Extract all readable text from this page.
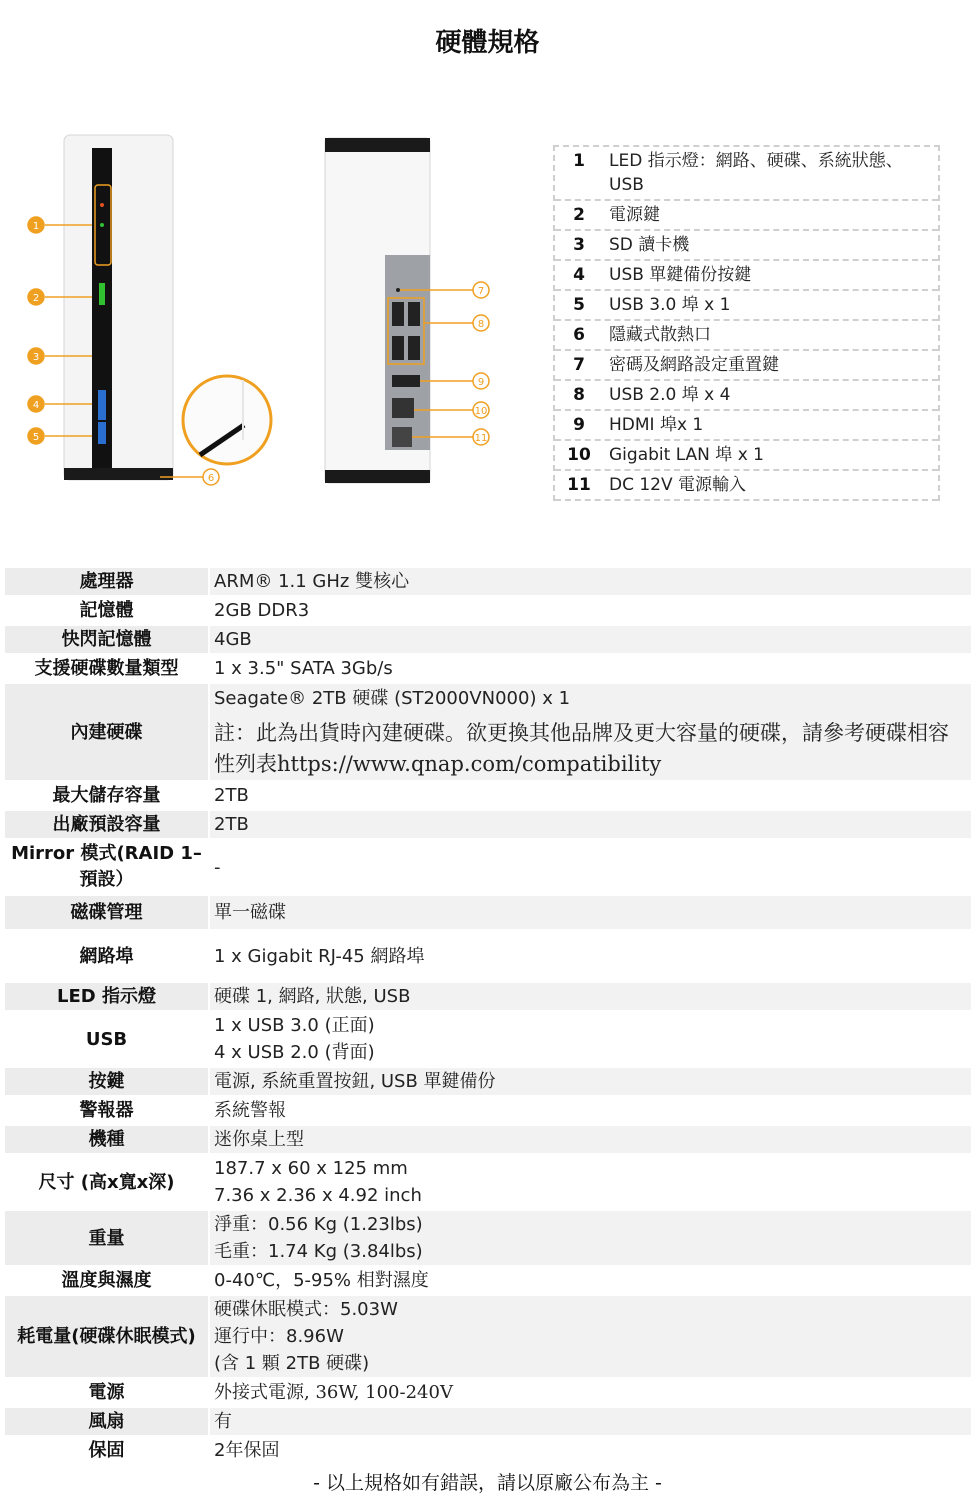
硬體規格
1
2
3
4
5
6
7
8
9
10
11
1	LED 指示燈：網路、硬碟、系統狀態、USB
2	電源鍵
3	SD 讀卡機
4	USB 單鍵備份按鍵
5	USB 3.0 埠 x 1
6	隱藏式散熱口
7	密碼及網路設定重置鍵
8	USB 2.0 埠 x 4
9	HDMI 埠x 1
10	Gigabit LAN 埠 x 1
11	DC 12V 電源輸入
處理器	ARM® 1.1 GHz 雙核心
記憶體	2GB DDR3
快閃記憶體	4GB
支援硬碟數量類型	1 x 3.5" SATA 3Gb/s
內建硬碟	Seagate® 2TB 硬碟 (ST2000VN000) x 1
註：此為出貨時內建硬碟。欲更換其他品牌及更大容量的硬碟，請參考硬碟相容性列表https://www.qnap.com/compatibility

最大儲存容量	2TB
出廠預設容量	2TB
Mirror 模式(RAID 1–預設）	-
磁碟管理	單一磁碟
網路埠	1 x Gigabit RJ-45 網路埠
LED 指示燈	硬碟 1, 網路, 狀態, USB
USB	1 x USB 3.0 (正面)
4 x USB 2.0 (背面)

按鍵	電源, 系統重置按鈕, USB 單鍵備份
警報器	系統警報
機種	迷你桌上型
尺寸 (高x寬x深)	187.7 x 60 x 125 mm
7.36 x 2.36 x 4.92 inch

重量	淨重：0.56 Kg (1.23lbs)
毛重：1.74 Kg (3.84lbs)

溫度與濕度	0-40℃，5-95% 相對濕度
耗電量(硬碟休眠模式)	硬碟休眠模式：5.03W
運行中：8.96W
(含 1 顆 2TB 硬碟)

電源	外接式電源, 36W, 100-240V
風扇	有
保固	2年保固
- 以上規格如有錯誤，請以原廠公布為主 -
